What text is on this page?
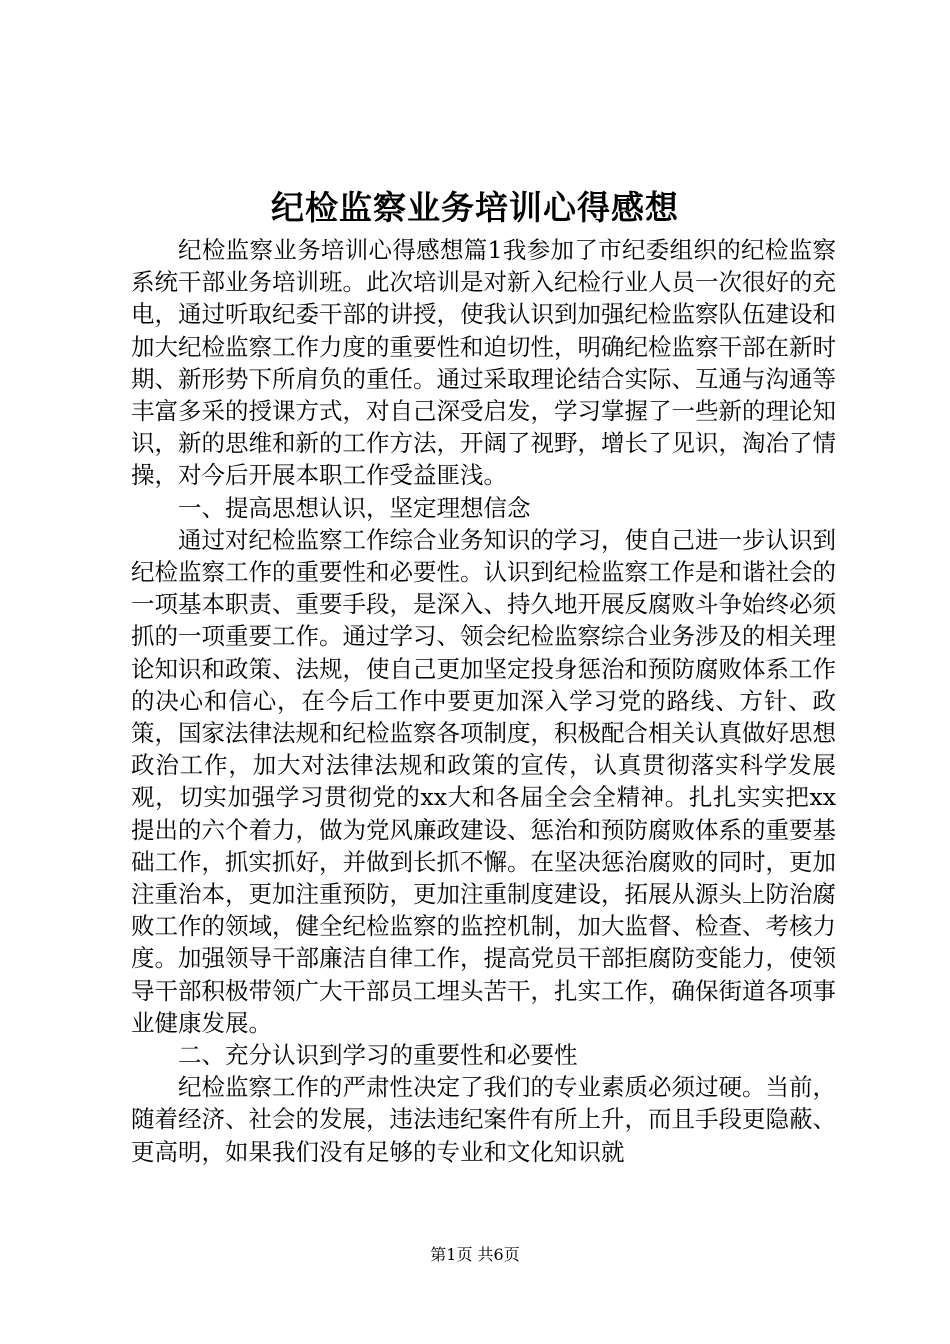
纪检监察业务培训心得感想

纪检监察业务培训心得感想篇1我参加了市纪委组织的纪检监察系统干部业务培训班。此次培训是对新入纪检行业人员一次很好的充电，通过听取纪委干部的讲授，使我认识到加强纪检监察队伍建设和加大纪检监察工作力度的重要性和迫切性，明确纪检监察干部在新时期、新形势下所肩负的重任。通过采取理论结合实际、互通与沟通等丰富多采的授课方式，对自己深受启发，学习掌握了一些新的理论知识，新的思维和新的工作方法，开阔了视野，增长了见识，淘冶了情操，对今后开展本职工作受益匪浅。

一、提高思想认识，坚定理想信念

通过对纪检监察工作综合业务知识的学习，使自己进一步认识到纪检监察工作的重要性和必要性。认识到纪检监察工作是和谐社会的一项基本职责、重要手段，是深入、持久地开展反腐败斗争始终必须抓的一项重要工作。通过学习、领会纪检监察综合业务涉及的相关理论知识和政策、法规，使自己更加坚定投身惩治和预防腐败体系工作的决心和信心，在今后工作中要更加深入学习党的路线、方针、政策，国家法律法规和纪检监察各项制度，积极配合相关认真做好思想政治工作，加大对法律法规和政策的宣传，认真贯彻落实科学发展观，切实加强学习贯彻党的xx大和各届全会全精神。扎扎实实把xx提出的六个着力，做为党风廉政建设、惩治和预防腐败体系的重要基础工作，抓实抓好，并做到长抓不懈。在坚决惩治腐败的同时，更加注重治本，更加注重预防，更加注重制度建设，拓展从源头上防治腐败工作的领域，健全纪检监察的监控机制，加大监督、检查、考核力度。加强领导干部廉洁自律工作，提高党员干部拒腐防变能力，使领导干部积极带领广大干部员工埋头苦干，扎实工作，确保街道各项事业健康发展。

二、充分认识到学习的重要性和必要性

纪检监察工作的严肃性决定了我们的专业素质必须过硬。当前，随着经济、社会的发展，违法违纪案件有所上升，而且手段更隐蔽、更高明，如果我们没有足够的专业和文化知识就

第1页 共6页
